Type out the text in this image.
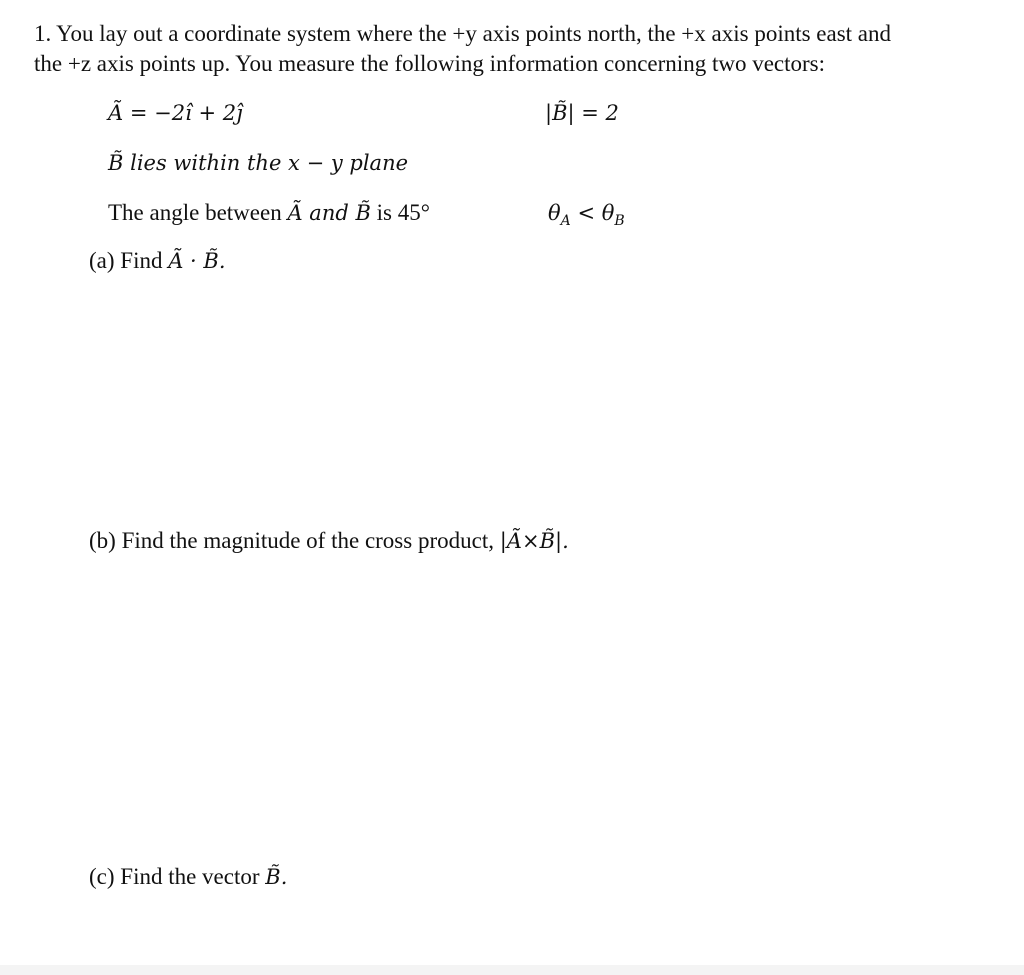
1. You lay out a coordinate system where the +y axis points north, the +x axis points east and
the +z axis points up. You measure the following information concerning two vectors:
Ã = −2î + 2ĵ	|B̃| = 2
B̃ lies within the x − y plane
The angle between Ã and B̃ is 45°	$\theta_A < \theta_B$
(a) Find Ã · B̃.
(b) Find the magnitude of the cross product, |Ã×B̃|.
(c) Find the vector B̃.
